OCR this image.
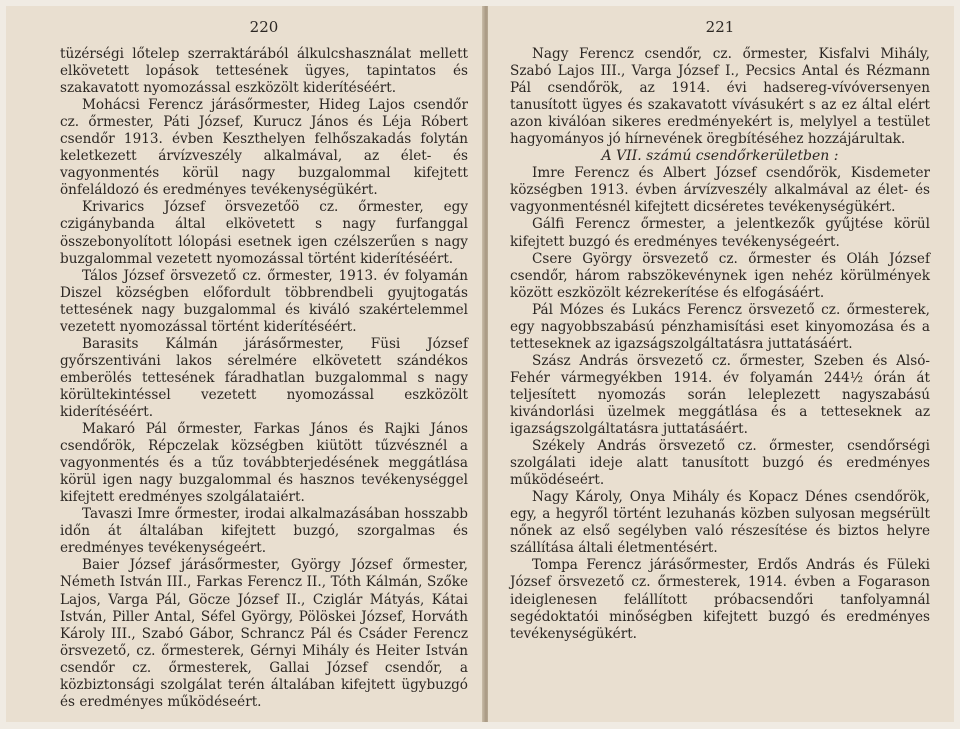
220

tüzérségi lőtelep szerraktárából álkulcshasználat mellett elkövetett lopások tettesének ügyes, tapintatos és szakavatott nyomozással eszközölt kiderítéséért.

Mohácsi Ferencz járásőrmester, Hideg Lajos csendőr cz. őrmester, Páti József, Kurucz János és Léja Róbert csendőr 1913. évben Keszthelyen felhőszakadás folytán keletkezett árvízveszély alkalmával, az élet- és vagyonmentés körül nagy buzgalommal kifejtett önfeláldozó és eredményes tevékenységükért.

Krivarics József örsvezetőö cz. őrmester, egy czigánybanda által elkövetett s nagy furfanggal összebonyolított lólopási esetnek igen czélszerűen s nagy buzgalommal vezetett nyomozással történt kiderítéséért.

Tálos József örsvezető cz. őrmester, 1913. év folyamán Diszel községben előfordult többrendbeli gyujtogatás tettesének nagy buzgalommal és kiváló szakértelemmel vezetett nyomozással történt kiderítéséért.

Barasits Kálmán járásőrmester, Füsi József győrszentiváni lakos sérelmére elkövetett szándékos emberölés tettesének fáradhatlan buzgalommal s nagy körültekintéssel vezetett nyomozással eszközölt kiderítéséért.

Makaró Pál őrmester, Farkas János és Rajki János csendőrök, Répczelak községben kiütött tűzvésznél a vagyonmentés és a tűz továbbterjedésének meggátlása körül igen nagy buzgalommal és hasznos tevékenységgel kifejtett eredményes szolgálataiért.

Tavaszi Imre őrmester, irodai alkalmazásában hosszabb időn át általában kifejtett buzgó, szorgalmas és eredményes tevékenységeért.

Baier József járásőrmester, György József őrmester, Németh István III., Farkas Ferencz II., Tóth Kálmán, Szőke Lajos, Varga Pál, Göcze József II., Cziglár Mátyás, Kátai István, Piller Antal, Séfel György, Pölöskei József, Horváth Károly III., Szabó Gábor, Schrancz Pál és Csáder Ferencz örsvezető, cz. őrmesterek, Gérnyi Mihály és Heiter István csendőr cz. őrmesterek, Gallai József csendőr, a közbiztonsági szolgálat terén általában kifejtett ügybuzgó és eredményes működéseért.

221

Nagy Ferencz csendőr, cz. őrmester, Kisfalvi Mihály, Szabó Lajos III., Varga József I., Pecsics Antal és Rézmann Pál csendőrök, az 1914. évi hadsereg-vívóversenyen tanusított ügyes és szakavatott vívásukért s az ez által elért azon kiválóan sikeres eredményekért is, melylyel a testület hagyományos jó hírnevének öregbítéséhez hozzájárultak.

A VII. számú csendőrkerületben :

Imre Ferencz és Albert József csendőrök, Kisdemeter községben 1913. évben árvízveszély alkalmával az élet- és vagyonmentésnél kifejtett dicséretes tevékenységükért.

Gálfi Ferencz őrmester, a jelentkezők gyűjtése körül kifejtett buzgó és eredményes tevékenységeért.

Csere György örsvezető cz. őrmester és Oláh József csendőr, három rabszökevénynek igen nehéz körülmények között eszközölt kézrekerítése és elfogásáért.

Pál Mózes és Lukács Ferencz örsvezető cz. őrmesterek, egy nagyobbszabású pénzhamisítási eset kinyomozása és a tetteseknek az igazságszolgáltatásra juttatásáért.

Szász András örsvezető cz. őrmester, Szeben és Alsó-Fehér vármegyékben 1914. év folyamán 244½ órán át teljesített nyomozás során leleplezett nagyszabású kivándorlási üzelmek meggátlása és a tetteseknek az igazságszolgáltatásra juttatásáért.

Székely András örsvezető cz. őrmester, csendőrségi szolgálati ideje alatt tanusított buzgó és eredményes működéseért.

Nagy Károly, Onya Mihály és Kopacz Dénes csendőrök, egy, a hegyről történt lezuhanás közben sulyosan megsérült nőnek az első segélyben való részesítése és biztos helyre szállítása általi életmentésért.

Tompa Ferencz járásőrmester, Erdős András és Füleki József örsvezető cz. őrmesterek, 1914. évben a Fogarason ideiglenesen felállított próbacsendőri tanfolyamnál segédoktatói minőségben kifejtett buzgó és eredményes tevékenységükért.
